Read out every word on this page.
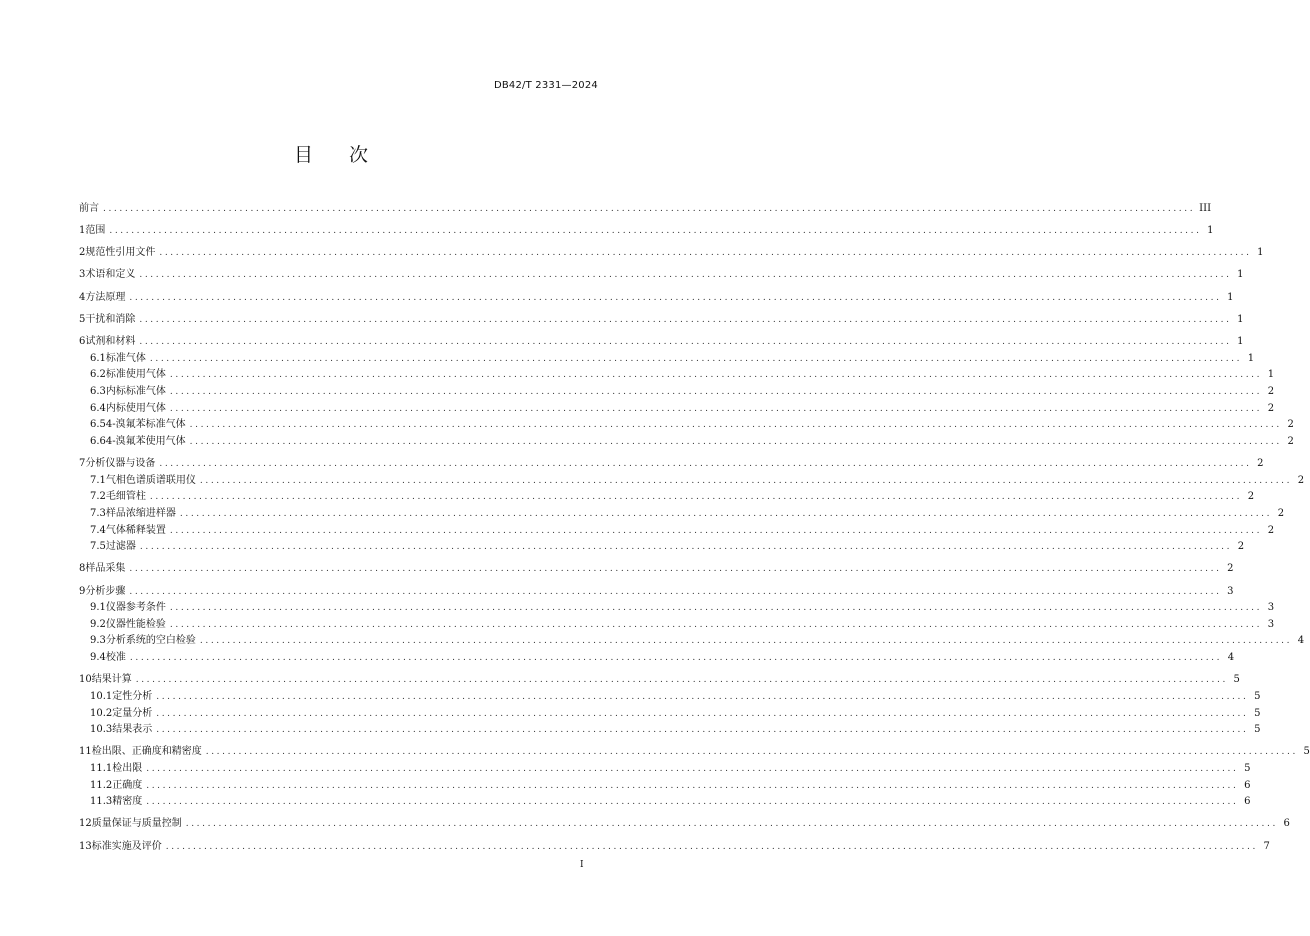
DB42/T 2331—2024
目 次
前言 ........................................................................................................................................................................................................ III
1 范围 ........................................................................................................................................................................................................ 1
2 规范性引用文件 ........................................................................................................................................................................................................ 1
3 术语和定义 ........................................................................................................................................................................................................ 1
4 方法原理 ........................................................................................................................................................................................................ 1
5 干扰和消除 ........................................................................................................................................................................................................ 1
6 试剂和材料 ........................................................................................................................................................................................................ 1
6.1 标准气体 ........................................................................................................................................................................................................ 1
6.2 标准使用气体 ........................................................................................................................................................................................................ 1
6.3 内标标准气体 ........................................................................................................................................................................................................ 2
6.4 内标使用气体 ........................................................................................................................................................................................................ 2
6.5 4-溴氟苯标准气体 ........................................................................................................................................................................................................ 2
6.6 4-溴氟苯使用气体 ........................................................................................................................................................................................................ 2
7 分析仪器与设备 ........................................................................................................................................................................................................ 2
7.1 气相色谱质谱联用仪 ........................................................................................................................................................................................................ 2
7.2 毛细管柱 ........................................................................................................................................................................................................ 2
7.3 样品浓缩进样器 ........................................................................................................................................................................................................ 2
7.4 气体稀释装置 ........................................................................................................................................................................................................ 2
7.5 过滤器 ........................................................................................................................................................................................................ 2
8 样品采集 ........................................................................................................................................................................................................ 2
9 分析步骤 ........................................................................................................................................................................................................ 3
9.1 仪器参考条件 ........................................................................................................................................................................................................ 3
9.2 仪器性能检验 ........................................................................................................................................................................................................ 3
9.3 分析系统的空白检验 ........................................................................................................................................................................................................ 4
9.4 校准 ........................................................................................................................................................................................................ 4
10 结果计算 ........................................................................................................................................................................................................ 5
10.1 定性分析 ........................................................................................................................................................................................................ 5
10.2 定量分析 ........................................................................................................................................................................................................ 5
10.3 结果表示 ........................................................................................................................................................................................................ 5
11 检出限、正确度和精密度 ........................................................................................................................................................................................................ 5
11.1 检出限 ........................................................................................................................................................................................................ 5
11.2 正确度 ........................................................................................................................................................................................................ 6
11.3 精密度 ........................................................................................................................................................................................................ 6
12 质量保证与质量控制 ........................................................................................................................................................................................................ 6
13 标准实施及评价 ........................................................................................................................................................................................................ 7
I
